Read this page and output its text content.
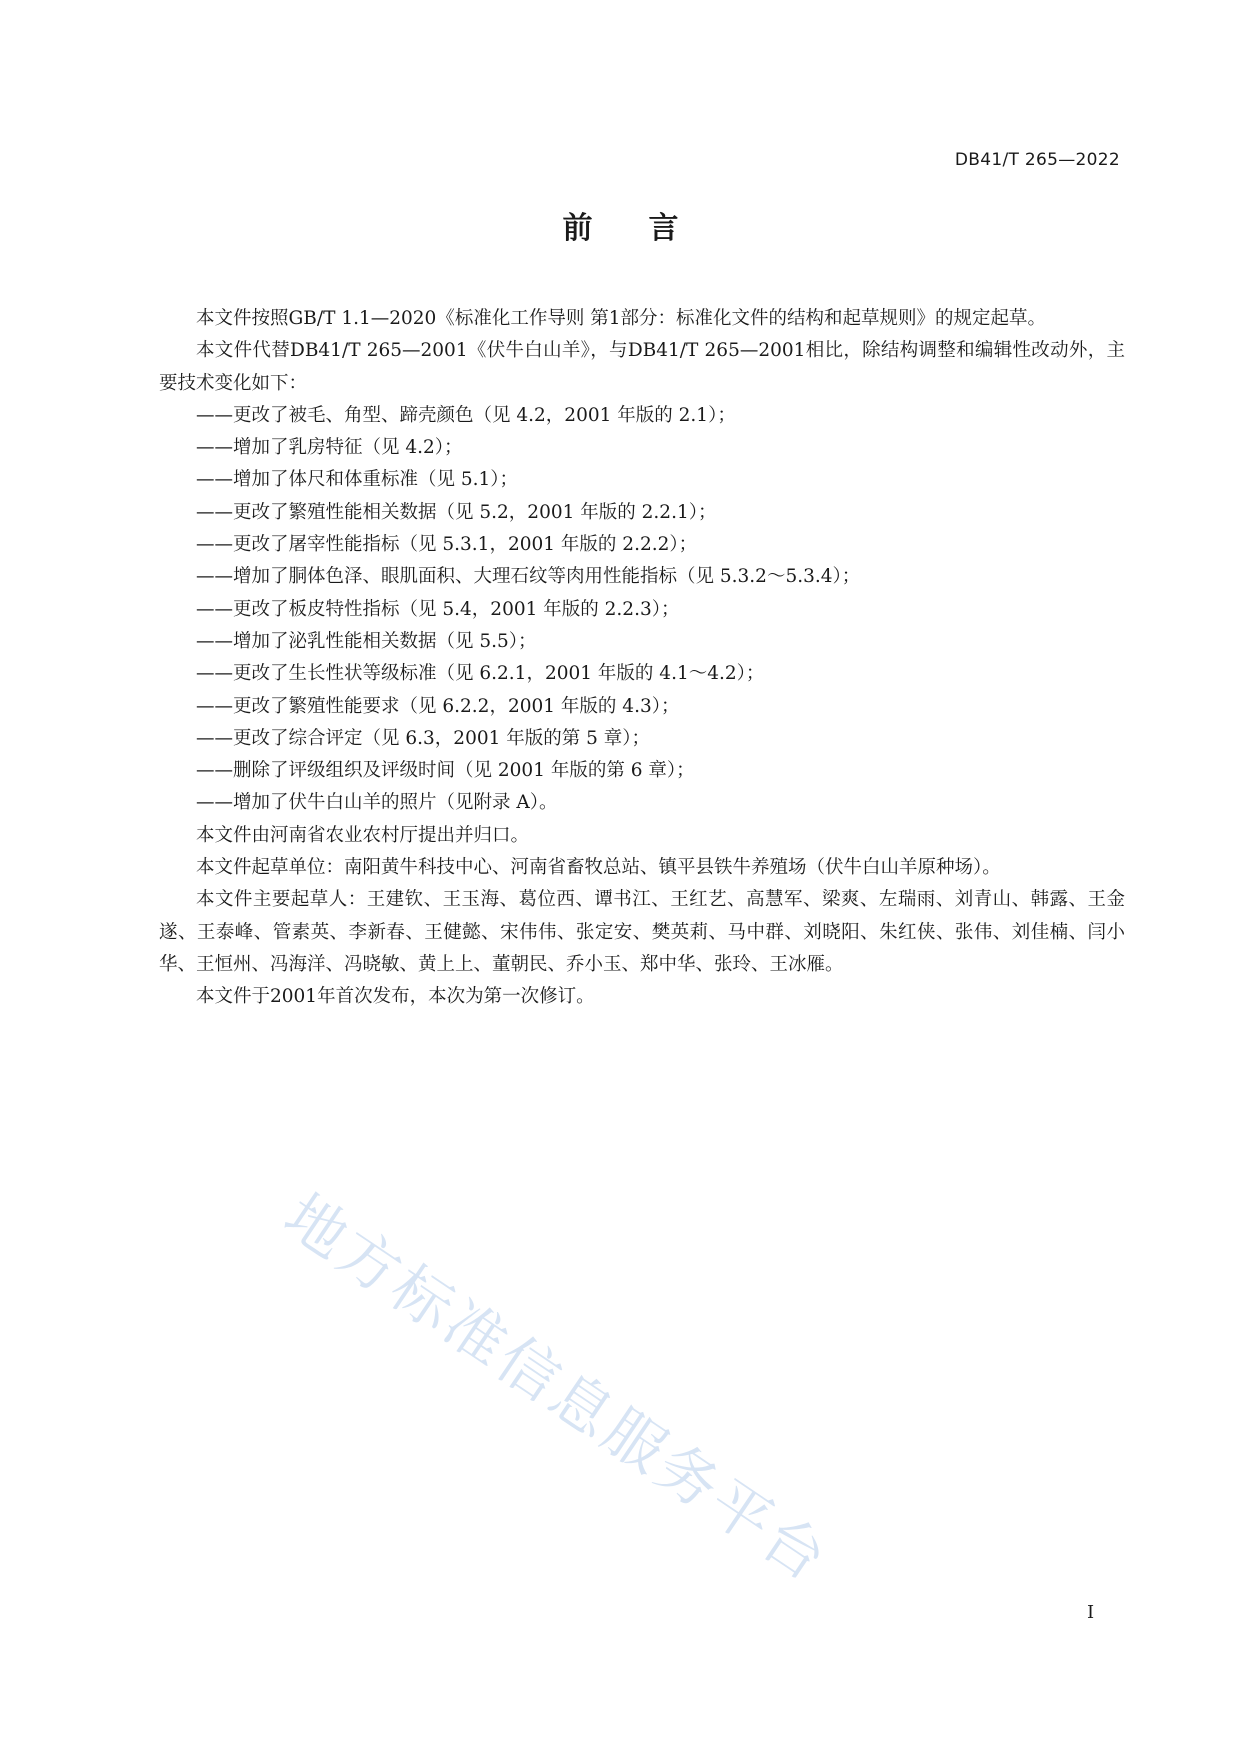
DB41/T 265—2022
前言

本文件按照GB/T 1.1—2020《标准化工作导则 第1部分：标准化文件的结构和起草规则》的规定起草。

本文件代替DB41/T 265—2001《伏牛白山羊》，与DB41/T 265—2001相比，除结构调整和编辑性改动外，主要技术变化如下：

——更改了被毛、角型、蹄壳颜色（见 4.2，2001 年版的 2.1）；

——增加了乳房特征（见 4.2）；

——增加了体尺和体重标准（见 5.1）；

——更改了繁殖性能相关数据（见 5.2，2001 年版的 2.2.1）；

——更改了屠宰性能指标（见 5.3.1，2001 年版的 2.2.2）；

——增加了胴体色泽、眼肌面积、大理石纹等肉用性能指标（见 5.3.2～5.3.4）；

——更改了板皮特性指标（见 5.4，2001 年版的 2.2.3）；

——增加了泌乳性能相关数据（见 5.5）；

——更改了生长性状等级标准（见 6.2.1，2001 年版的 4.1～4.2）；

——更改了繁殖性能要求（见 6.2.2，2001 年版的 4.3）；

——更改了综合评定（见 6.3，2001 年版的第 5 章）；

——删除了评级组织及评级时间（见 2001 年版的第 6 章）；

——增加了伏牛白山羊的照片（见附录 A）。

本文件由河南省农业农村厅提出并归口。

本文件起草单位：南阳黄牛科技中心、河南省畜牧总站、镇平县铁牛养殖场（伏牛白山羊原种场）。

本文件主要起草人：王建钦、王玉海、葛位西、谭书江、王红艺、高慧军、梁爽、左瑞雨、刘青山、韩露、王金遂、王泰峰、管素英、李新春、王健懿、宋伟伟、张定安、樊英莉、马中群、刘晓阳、朱红侠、张伟、刘佳楠、闫小华、王恒州、冯海洋、冯晓敏、黄上上、董朝民、乔小玉、郑中华、张玲、王冰雁。

本文件于2001年首次发布，本次为第一次修订。

地方标准信息服务平台
I
